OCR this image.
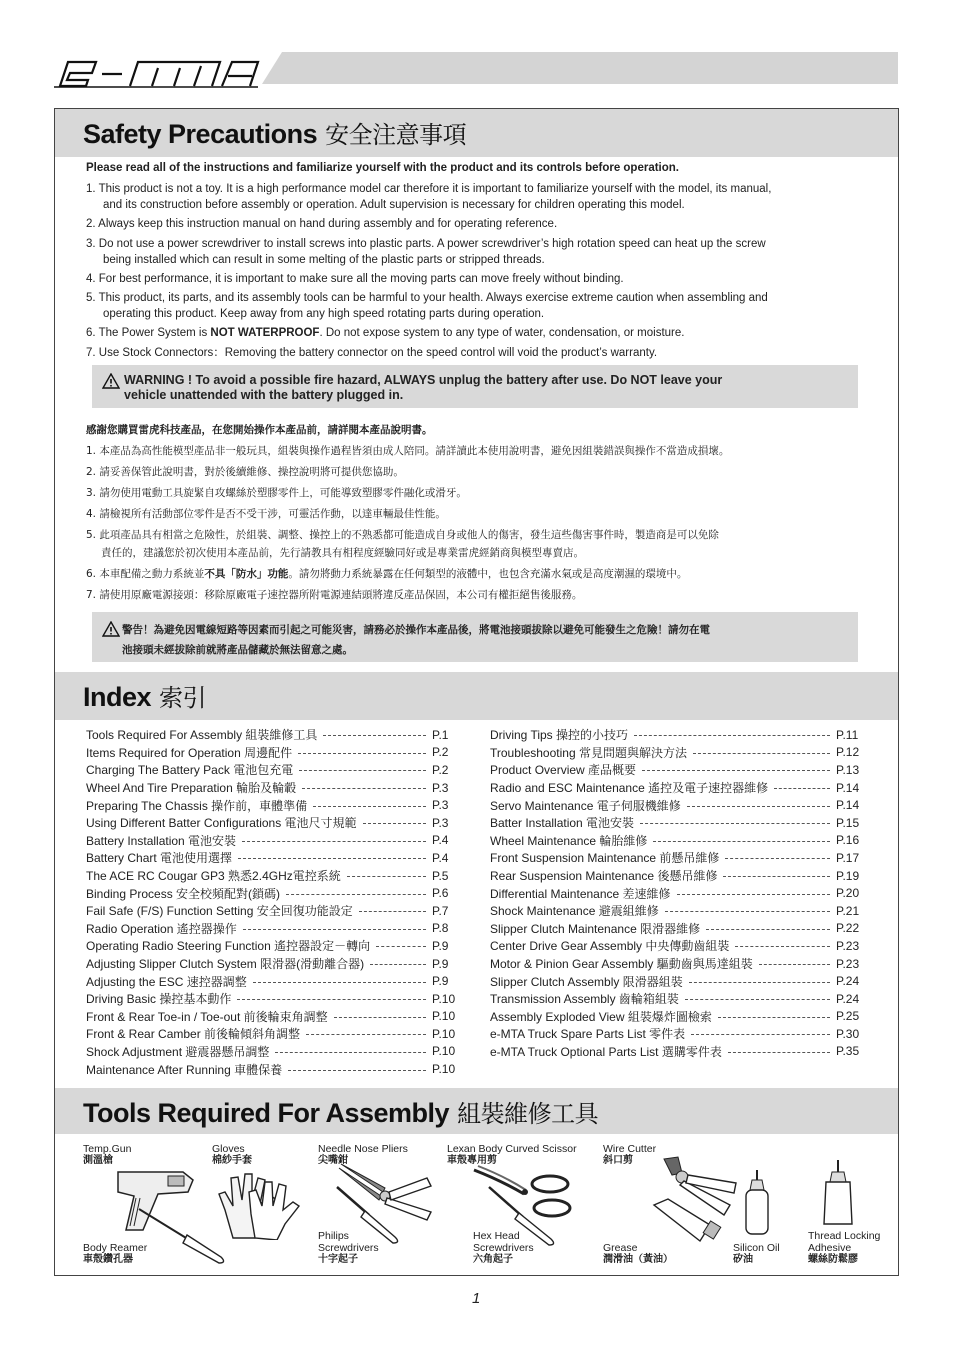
Safety Precautions 安全注意事項
Please read all of the instructions and familiarize yourself with the product and its controls before operation.
1. This product is not a toy. It is a high performance model car therefore it is important to familiarize yourself with the model, its manual,
and its construction before assembly or operation. Adult supervision is necessary for children operating this model.
2. Always keep this instruction manual on hand during assembly and for operating reference.
3. Do not use a power screwdriver to install screws into plastic parts. A power screwdriver’s high rotation speed can heat up the screw
being installed which can result in some melting of the plastic parts or stripped threads.
4. For best performance, it is important to make sure all the moving parts can move freely without binding.
5. This product, its parts, and its assembly tools can be harmful to your health. Always exercise extreme caution when assembling and
operating this product. Keep away from any high speed rotating parts during operation.
6. The Power System is NOT WATERPROOF. Do not expose system to any type of water, condensation, or moisture.
7. Use Stock Connectors：Removing the battery connector on the speed control will void the product’s warranty.
WARNING ! To avoid a possible fire hazard, ALWAYS unplug the battery after use. Do NOT leave your
vehicle unattended with the battery plugged in.
感謝您購買雷虎科技產品，在您開始操作本產品前，請詳閱本產品說明書。
1. 本產品為高性能模型產品非一般玩具，組裝與操作過程皆須由成人陪同。請詳讀此本使用說明書，避免因組裝錯誤與操作不當造成損壞。
2. 請妥善保管此說明書，對於後續維修、操控說明將可提供您協助。
3. 請勿使用電動工具旋緊自攻螺絲於塑膠零件上，可能導致塑膠零件融化或滑牙。
4. 請檢視所有活動部位零件是否不受干涉，可靈活作動，以達車輛最佳性能。
5. 此項產品具有相當之危險性，於組裝、調整、操控上的不熟悉都可能造成自身或他人的傷害，發生這些傷害事件時，製造商是可以免除
責任的，建議您於初次使用本產品前，先行請教具有相程度經驗同好或是專業雷虎經銷商與模型專賣店。
6. 本車配備之動力系統並不具「防水」功能。請勿將動力系統暴露在任何類型的液體中，也包含充滿水氣或是高度潮濕的環境中。
7. 請使用原廠電源接頭：移除原廠電子速控器所附電源連結頭將違反產品保固，本公司有權拒絕售後服務。
警告！為避免因電線短路等因素而引起之可能災害，請務必於操作本產品後，將電池接頭拔除以避免可能發生之危險！請勿在電
池接頭未經拔除前就將產品儲藏於無法留意之處。
Index 索引
Tools Required For Assembly 組裝維修工具	P.1
Items Required for Operation 周邊配件	P.2
Charging The Battery Pack 電池包充電	P.2
Wheel And Tire Preparation 輪胎及輪轂	P.3
Preparing The Chassis 操作前，車體準備	P.3
Using Different Batter Configurations 電池尺寸規範	P.3
Battery Installation 電池安裝	P.4
Battery Chart 電池使用選擇	P.4
The ACE RC Cougar GP3 熟悉2.4GHz電控系統	P.5
Binding Process 安全校頻配對(鎖碼)	P.6
Fail Safe (F/S) Function Setting 安全回復功能設定	P.7
Radio Operation 遙控器操作	P.8
Operating Radio Steering Function 遙控器設定－轉向	P.9
Adjusting Slipper Clutch System 限滑器(滑動離合器)	P.9
Adjusting the ESC 速控器調整	P.9
Driving Basic 操控基本動作	P.10
Front & Rear Toe-in / Toe-out 前後輪束角調整	P.10
Front & Rear Camber 前後輪傾斜角調整	P.10
Shock Adjustment 避震器懸吊調整	P.10
Maintenance After Running 車體保養	P.10
Driving Tips 操控的小技巧	P.11
Troubleshooting 常見問題與解決方法	P.12
Product Overview 產品概要	P.13
Radio and ESC Maintenance 遙控及電子速控器維修	P.14
Servo Maintenance 電子伺服機維修	P.14
Batter Installation 電池安裝	P.15
Wheel Maintenance 輪胎維修	P.16
Front Suspension Maintenance 前懸吊維修	P.17
Rear Suspension Maintenance 後懸吊維修	P.19
Differential Maintenance 差速維修	P.20
Shock Maintenance 避震組維修	P.21
Slipper Clutch Maintenance 限滑器維修	P.22
Center Drive Gear Assembly 中央傳動齒組裝	P.23
Motor & Pinion Gear Assembly 驅動齒與馬達組裝	P.23
Slipper Clutch Assembly 限滑器組裝	P.24
Transmission Assembly 齒輪箱組裝	P.24
Assembly Exploded View 組裝爆炸圖檢索	P.25
e-MTA Truck Spare Parts List 零件表	P.30
e-MTA Truck Optional Parts List 選購零件表	P.35
Tools Required For Assembly 組裝維修工具
Temp.Gun
測溫槍
Gloves
棉紗手套
Needle Nose Pliers
尖嘴鉗
Lexan Body Curved Scissor
車殼專用剪
Wire Cutter
斜口剪
Body Reamer
車殼鑽孔器
Philips
Screwdrivers
十字起子
Hex Head
Screwdrivers
六角起子
Grease
潤滑油（黃油）
Silicon Oil
矽油
Thread Locking
Adhesive
螺絲防鬆膠
1
